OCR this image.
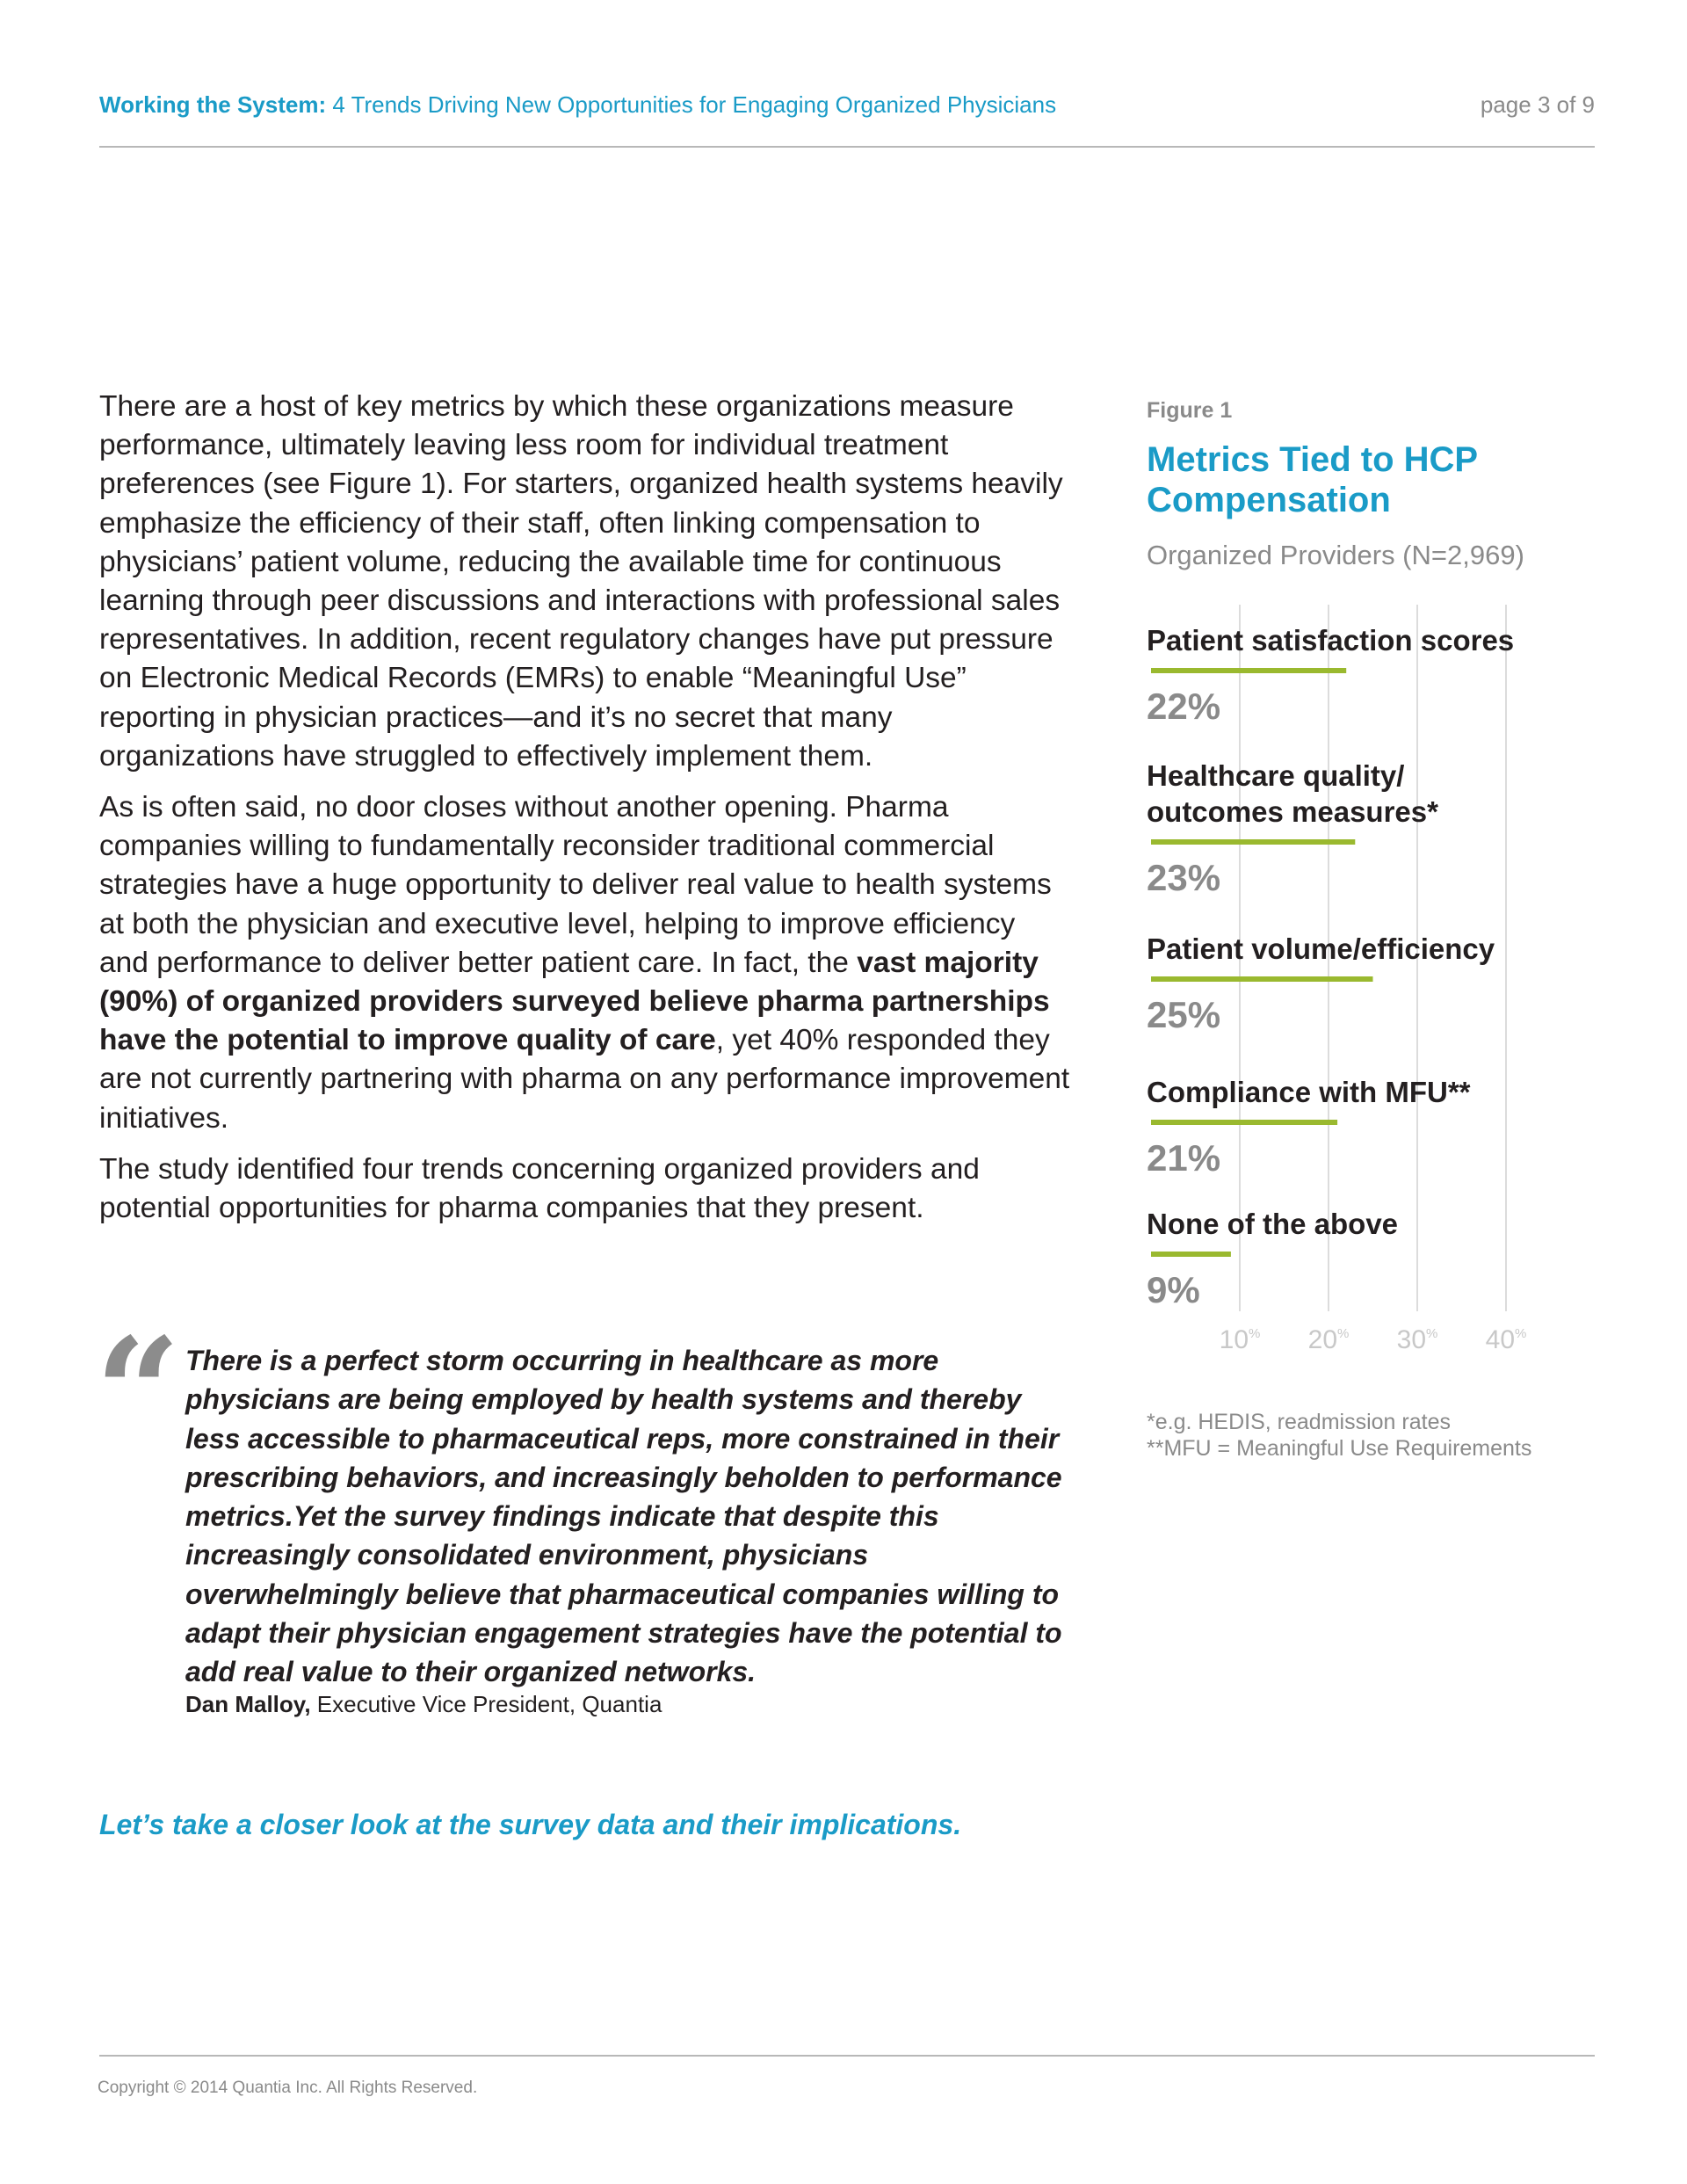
Working the System: 4 Trends Driving New Opportunities for Engaging Organized Physicians	page 3 of 9

There are a host of key metrics by which these organizations measure performance, ultimately leaving less room for individual treatment preferences (see Figure 1). For starters, organized health systems heavily emphasize the efficiency of their staff, often linking compensation to physicians’ patient volume, reducing the available time for continuous learning through peer discussions and interactions with professional sales representatives. In addition, recent regulatory changes have put pressure on Electronic Medical Records (EMRs) to enable “Meaningful Use” reporting in physician practices—and it’s no secret that many organizations have struggled to effectively implement them.

As is often said, no door closes without another opening. Pharma companies willing to fundamentally reconsider traditional commercial strategies have a huge opportunity to deliver real value to health systems at both the physician and executive level, helping to improve efficiency and performance to deliver better patient care. In fact, the vast majority (90%) of organized providers surveyed believe pharma partnerships have the potential to improve quality of care, yet 40% responded they are not currently partnering with pharma on any performance improvement initiatives.

The study identified four trends concerning organized providers and potential opportunities for pharma companies that they present.

“ There is a perfect storm occurring in healthcare as more physicians are being employed by health systems and thereby less accessible to pharmaceutical reps, more constrained in their prescribing behaviors, and increasingly beholden to performance metrics.Yet the survey findings indicate that despite this increasingly consolidated environment, physicians overwhelmingly believe that pharmaceutical companies willing to adapt their physician engagement strategies have the potential to add real value to their organized networks.
Dan Malloy, Executive Vice President, Quantia
Let’s take a closer look at the survey data and their implications.
Figure 1
Metrics Tied to HCP Compensation
Organized Providers (N=2,969)
Patient satisfaction scores
22%
Healthcare quality/
outcomes measures*
23%
Patient volume/efficiency
25%
Compliance with MFU**
21%
None of the above
9%
10% 20% 30% 40%
*e.g. HEDIS, readmission rates
**MFU = Meaningful Use Requirements
Copyright © 2014 Quantia Inc. All Rights Reserved.
